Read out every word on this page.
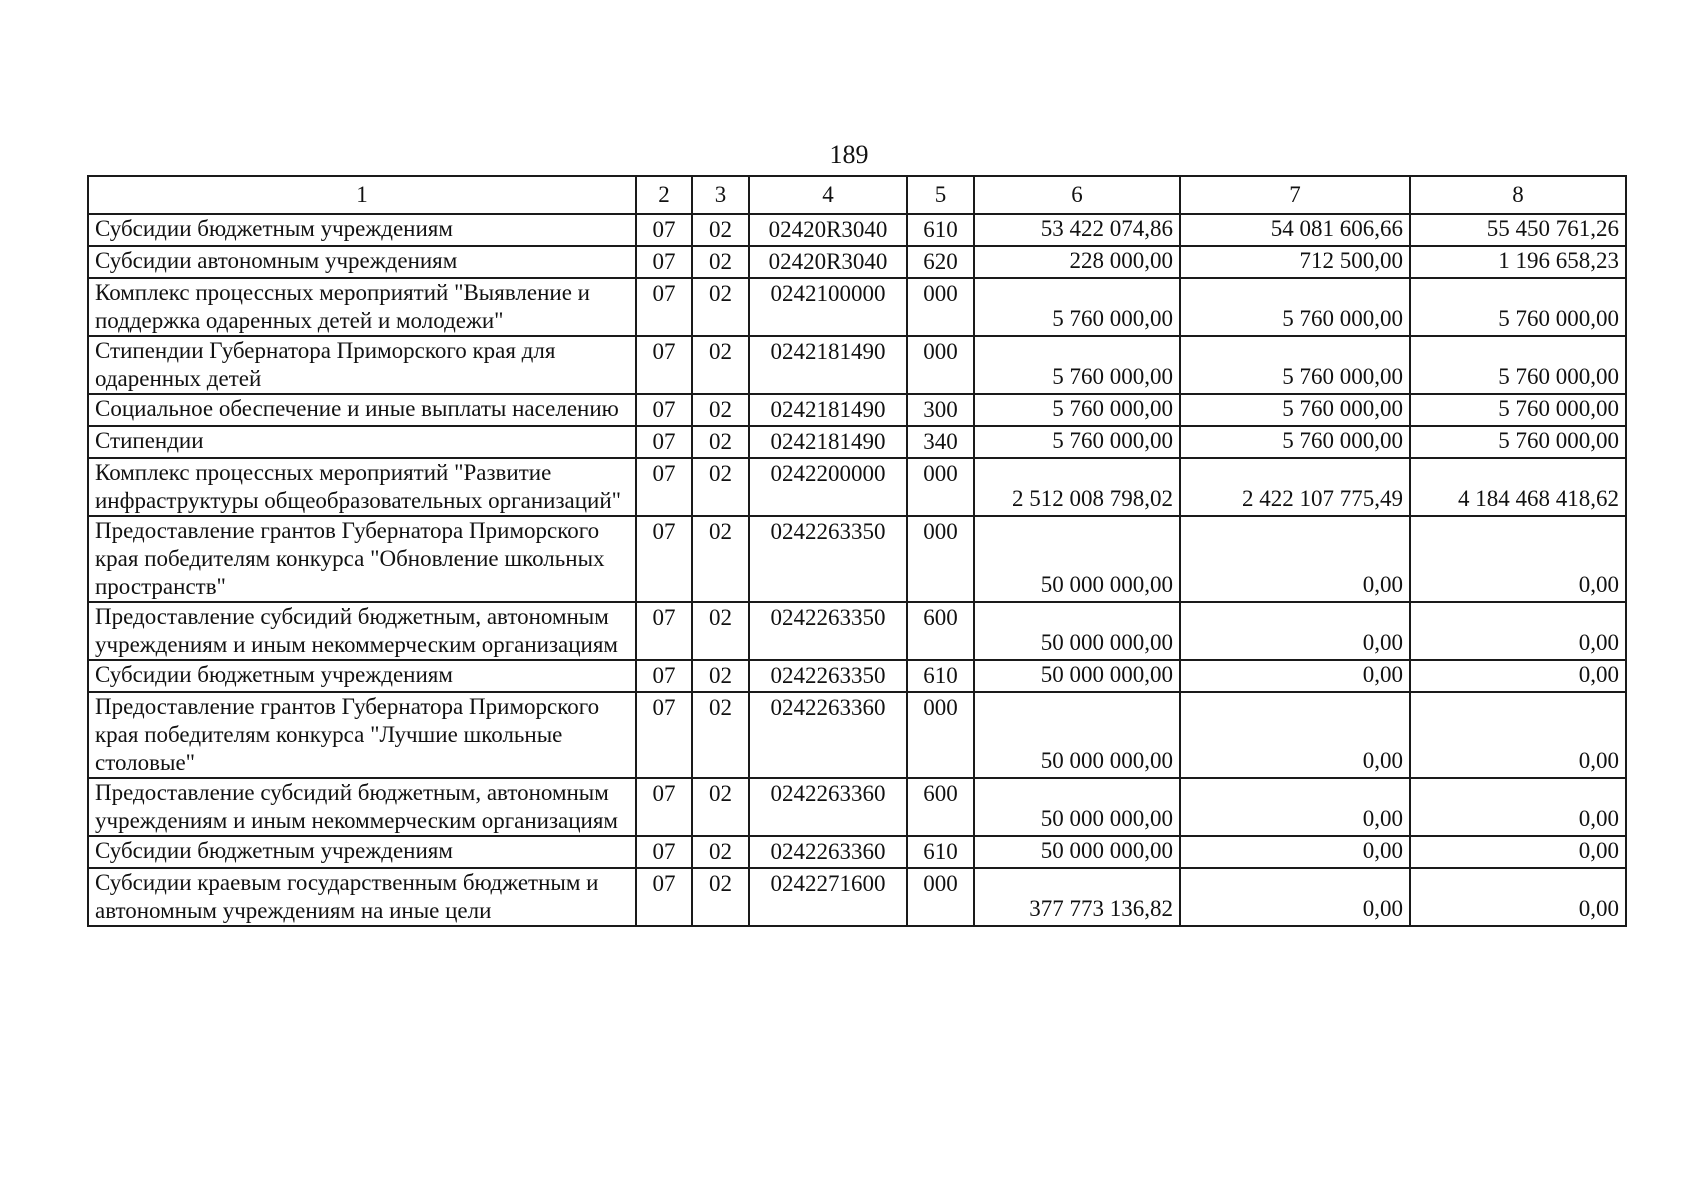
189
1	2	3	4	5	6	7	8
Субсидии бюджетным учреждениям	07	02	02420R3040	610	53 422 074,86	54 081 606,66	55 450 761,26
Субсидии автономным учреждениям	07	02	02420R3040	620	228 000,00	712 500,00	1 196 658,23
Комплекс процессных мероприятий "Выявление и поддержка одаренных детей и молодежи"	07	02	0242100000	000	5 760 000,00	5 760 000,00	5 760 000,00
Стипендии Губернатора Приморского края для одаренных детей	07	02	0242181490	000	5 760 000,00	5 760 000,00	5 760 000,00
Социальное обеспечение и иные выплаты населению	07	02	0242181490	300	5 760 000,00	5 760 000,00	5 760 000,00
Стипендии	07	02	0242181490	340	5 760 000,00	5 760 000,00	5 760 000,00
Комплекс процессных мероприятий "Развитие инфраструктуры общеобразовательных организаций"	07	02	0242200000	000	2 512 008 798,02	2 422 107 775,49	4 184 468 418,62
Предоставление грантов Губернатора Приморского края победителям конкурса "Обновление школьных пространств"	07	02	0242263350	000	50 000 000,00	0,00	0,00
Предоставление субсидий бюджетным, автономным учреждениям и иным некоммерческим организациям	07	02	0242263350	600	50 000 000,00	0,00	0,00
Субсидии бюджетным учреждениям	07	02	0242263350	610	50 000 000,00	0,00	0,00
Предоставление грантов Губернатора Приморского края победителям конкурса "Лучшие школьные столовые"	07	02	0242263360	000	50 000 000,00	0,00	0,00
Предоставление субсидий бюджетным, автономным учреждениям и иным некоммерческим организациям	07	02	0242263360	600	50 000 000,00	0,00	0,00
Субсидии бюджетным учреждениям	07	02	0242263360	610	50 000 000,00	0,00	0,00
Субсидии краевым государственным бюджетным и автономным учреждениям на иные цели	07	02	0242271600	000	377 773 136,82	0,00	0,00
